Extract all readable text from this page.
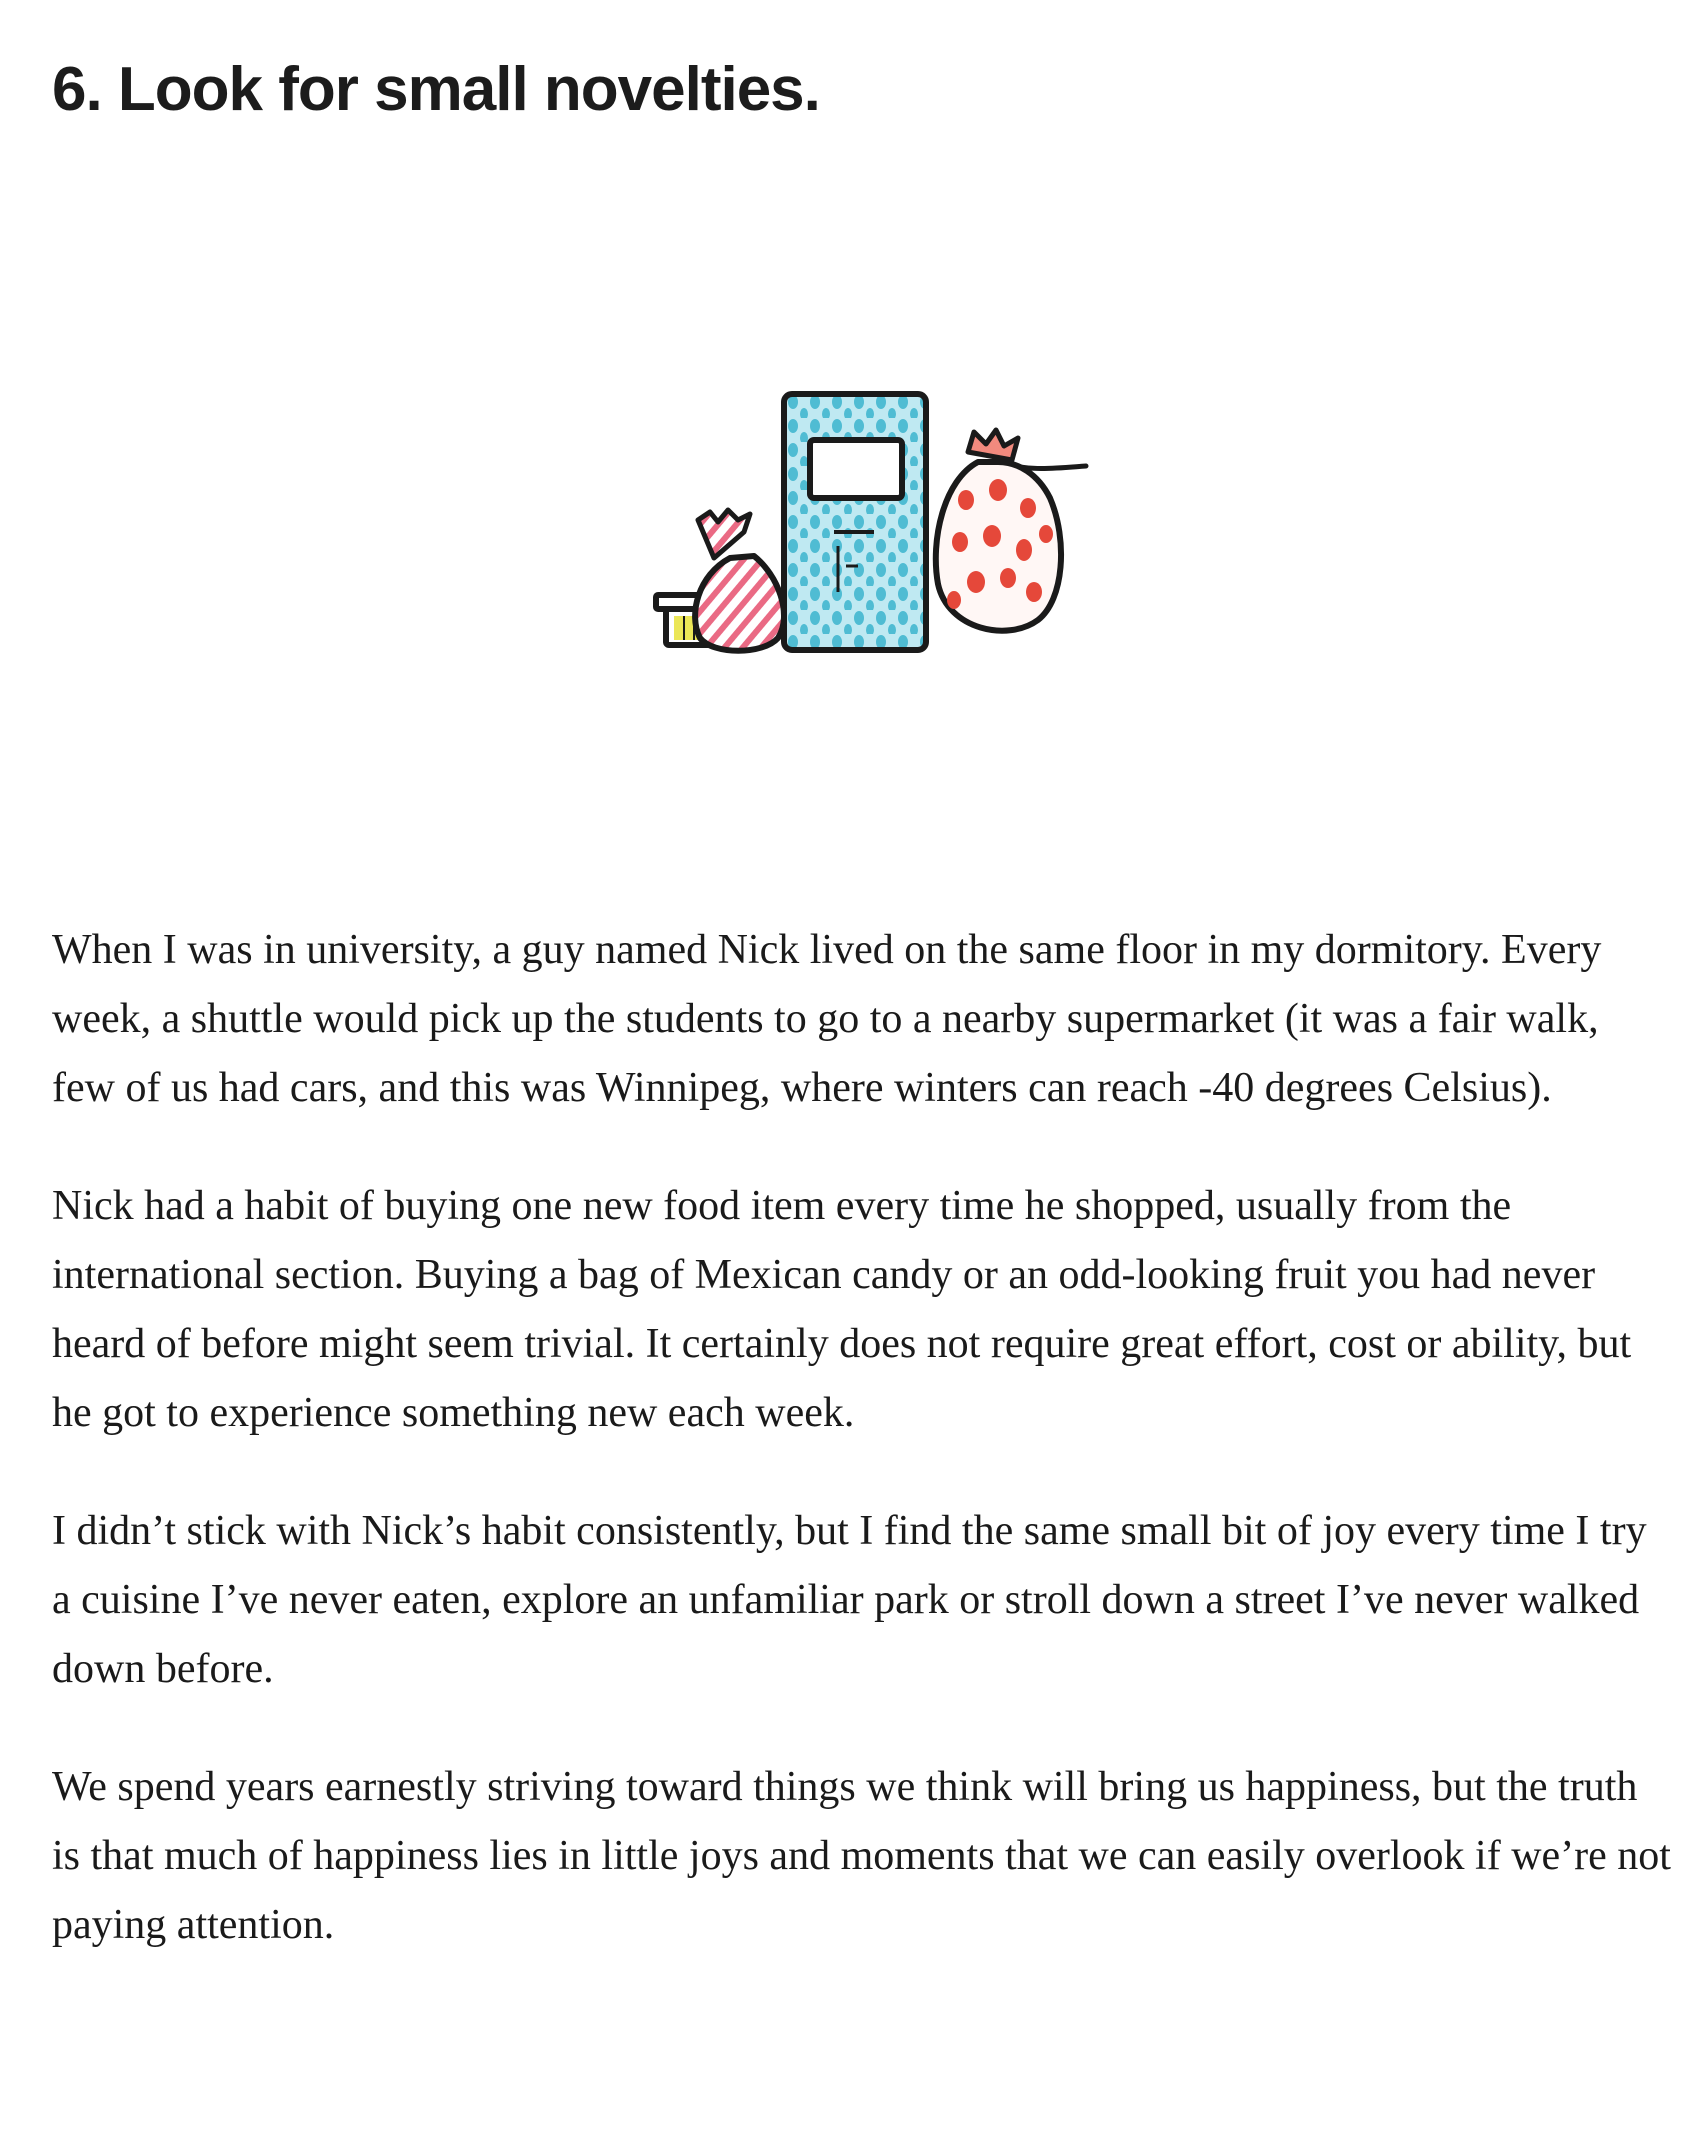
6. Look for small novelties.

When I was in university, a guy named Nick lived on the same floor in my dormitory. Every week, a shuttle would pick up the students to go to a nearby supermarket (it was a fair walk, few of us had cars, and this was Winnipeg, where winters can reach -40 degrees Celsius).

Nick had a habit of buying one new food item every time he shopped, usually from the international section. Buying a bag of Mexican candy or an odd-looking fruit you had never heard of before might seem trivial. It certainly does not require great effort, cost or ability, but he got to experience something new each week.

I didn’t stick with Nick’s habit consistently, but I find the same small bit of joy every time I try a cuisine I’ve never eaten, explore an unfamiliar park or stroll down a street I’ve never walked down before.

We spend years earnestly striving toward things we think will bring us happiness, but the truth is that much of happiness lies in little joys and moments that we can easily overlook if we’re not paying attention.
